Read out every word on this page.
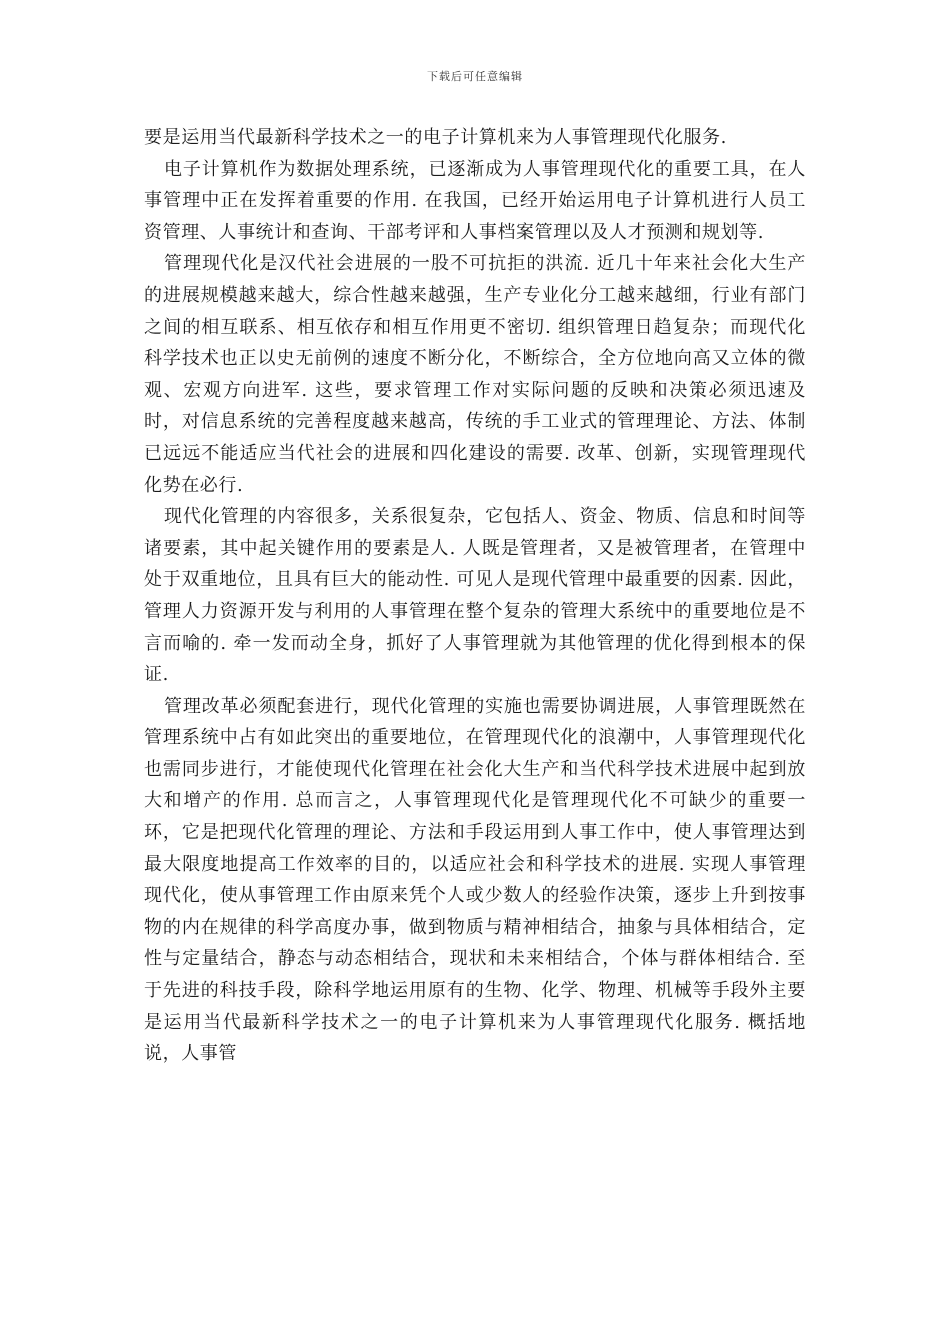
下载后可任意编辑

要是运用当代最新科学技术之一的电子计算机来为人事管理现代化服务.

电子计算机作为数据处理系统，已逐渐成为人事管理现代化的重要工具，在人事管理中正在发挥着重要的作用. 在我国，已经开始运用电子计算机进行人员工资管理、人事统计和查询、干部考评和人事档案管理以及人才预测和规划等.

管理现代化是汉代社会进展的一股不可抗拒的洪流. 近几十年来社会化大生产的进展规模越来越大，综合性越来越强，生产专业化分工越来越细，行业有部门之间的相互联系、相互依存和相互作用更不密切. 组织管理日趋复杂；而现代化科学技术也正以史无前例的速度不断分化，不断综合，全方位地向高又立体的微观、宏观方向进军. 这些，要求管理工作对实际问题的反映和决策必须迅速及时，对信息系统的完善程度越来越高，传统的手工业式的管理理论、方法、体制已远远不能适应当代社会的进展和四化建设的需要. 改革、创新，实现管理现代化势在必行.

现代化管理的内容很多，关系很复杂，它包括人、资金、物质、信息和时间等诸要素，其中起关键作用的要素是人. 人既是管理者，又是被管理者，在管理中处于双重地位，且具有巨大的能动性. 可见人是现代管理中最重要的因素. 因此，管理人力资源开发与利用的人事管理在整个复杂的管理大系统中的重要地位是不言而喻的. 牵一发而动全身，抓好了人事管理就为其他管理的优化得到根本的保证.

管理改革必须配套进行，现代化管理的实施也需要协调进展，人事管理既然在管理系统中占有如此突出的重要地位，在管理现代化的浪潮中，人事管理现代化也需同步进行，才能使现代化管理在社会化大生产和当代科学技术进展中起到放大和增产的作用. 总而言之，人事管理现代化是管理现代化不可缺少的重要一环，它是把现代化管理的理论、方法和手段运用到人事工作中，使人事管理达到最大限度地提高工作效率的目的，以适应社会和科学技术的进展. 实现人事管理现代化，使从事管理工作由原来凭个人或少数人的经验作决策，逐步上升到按事物的内在规律的科学高度办事，做到物质与精神相结合，抽象与具体相结合，定性与定量结合，静态与动态相结合，现状和未来相结合，个体与群体相结合. 至于先进的科技手段，除科学地运用原有的生物、化学、物理、机械等手段外主要是运用当代最新科学技术之一的电子计算机来为人事管理现代化服务. 概括地说，人事管
